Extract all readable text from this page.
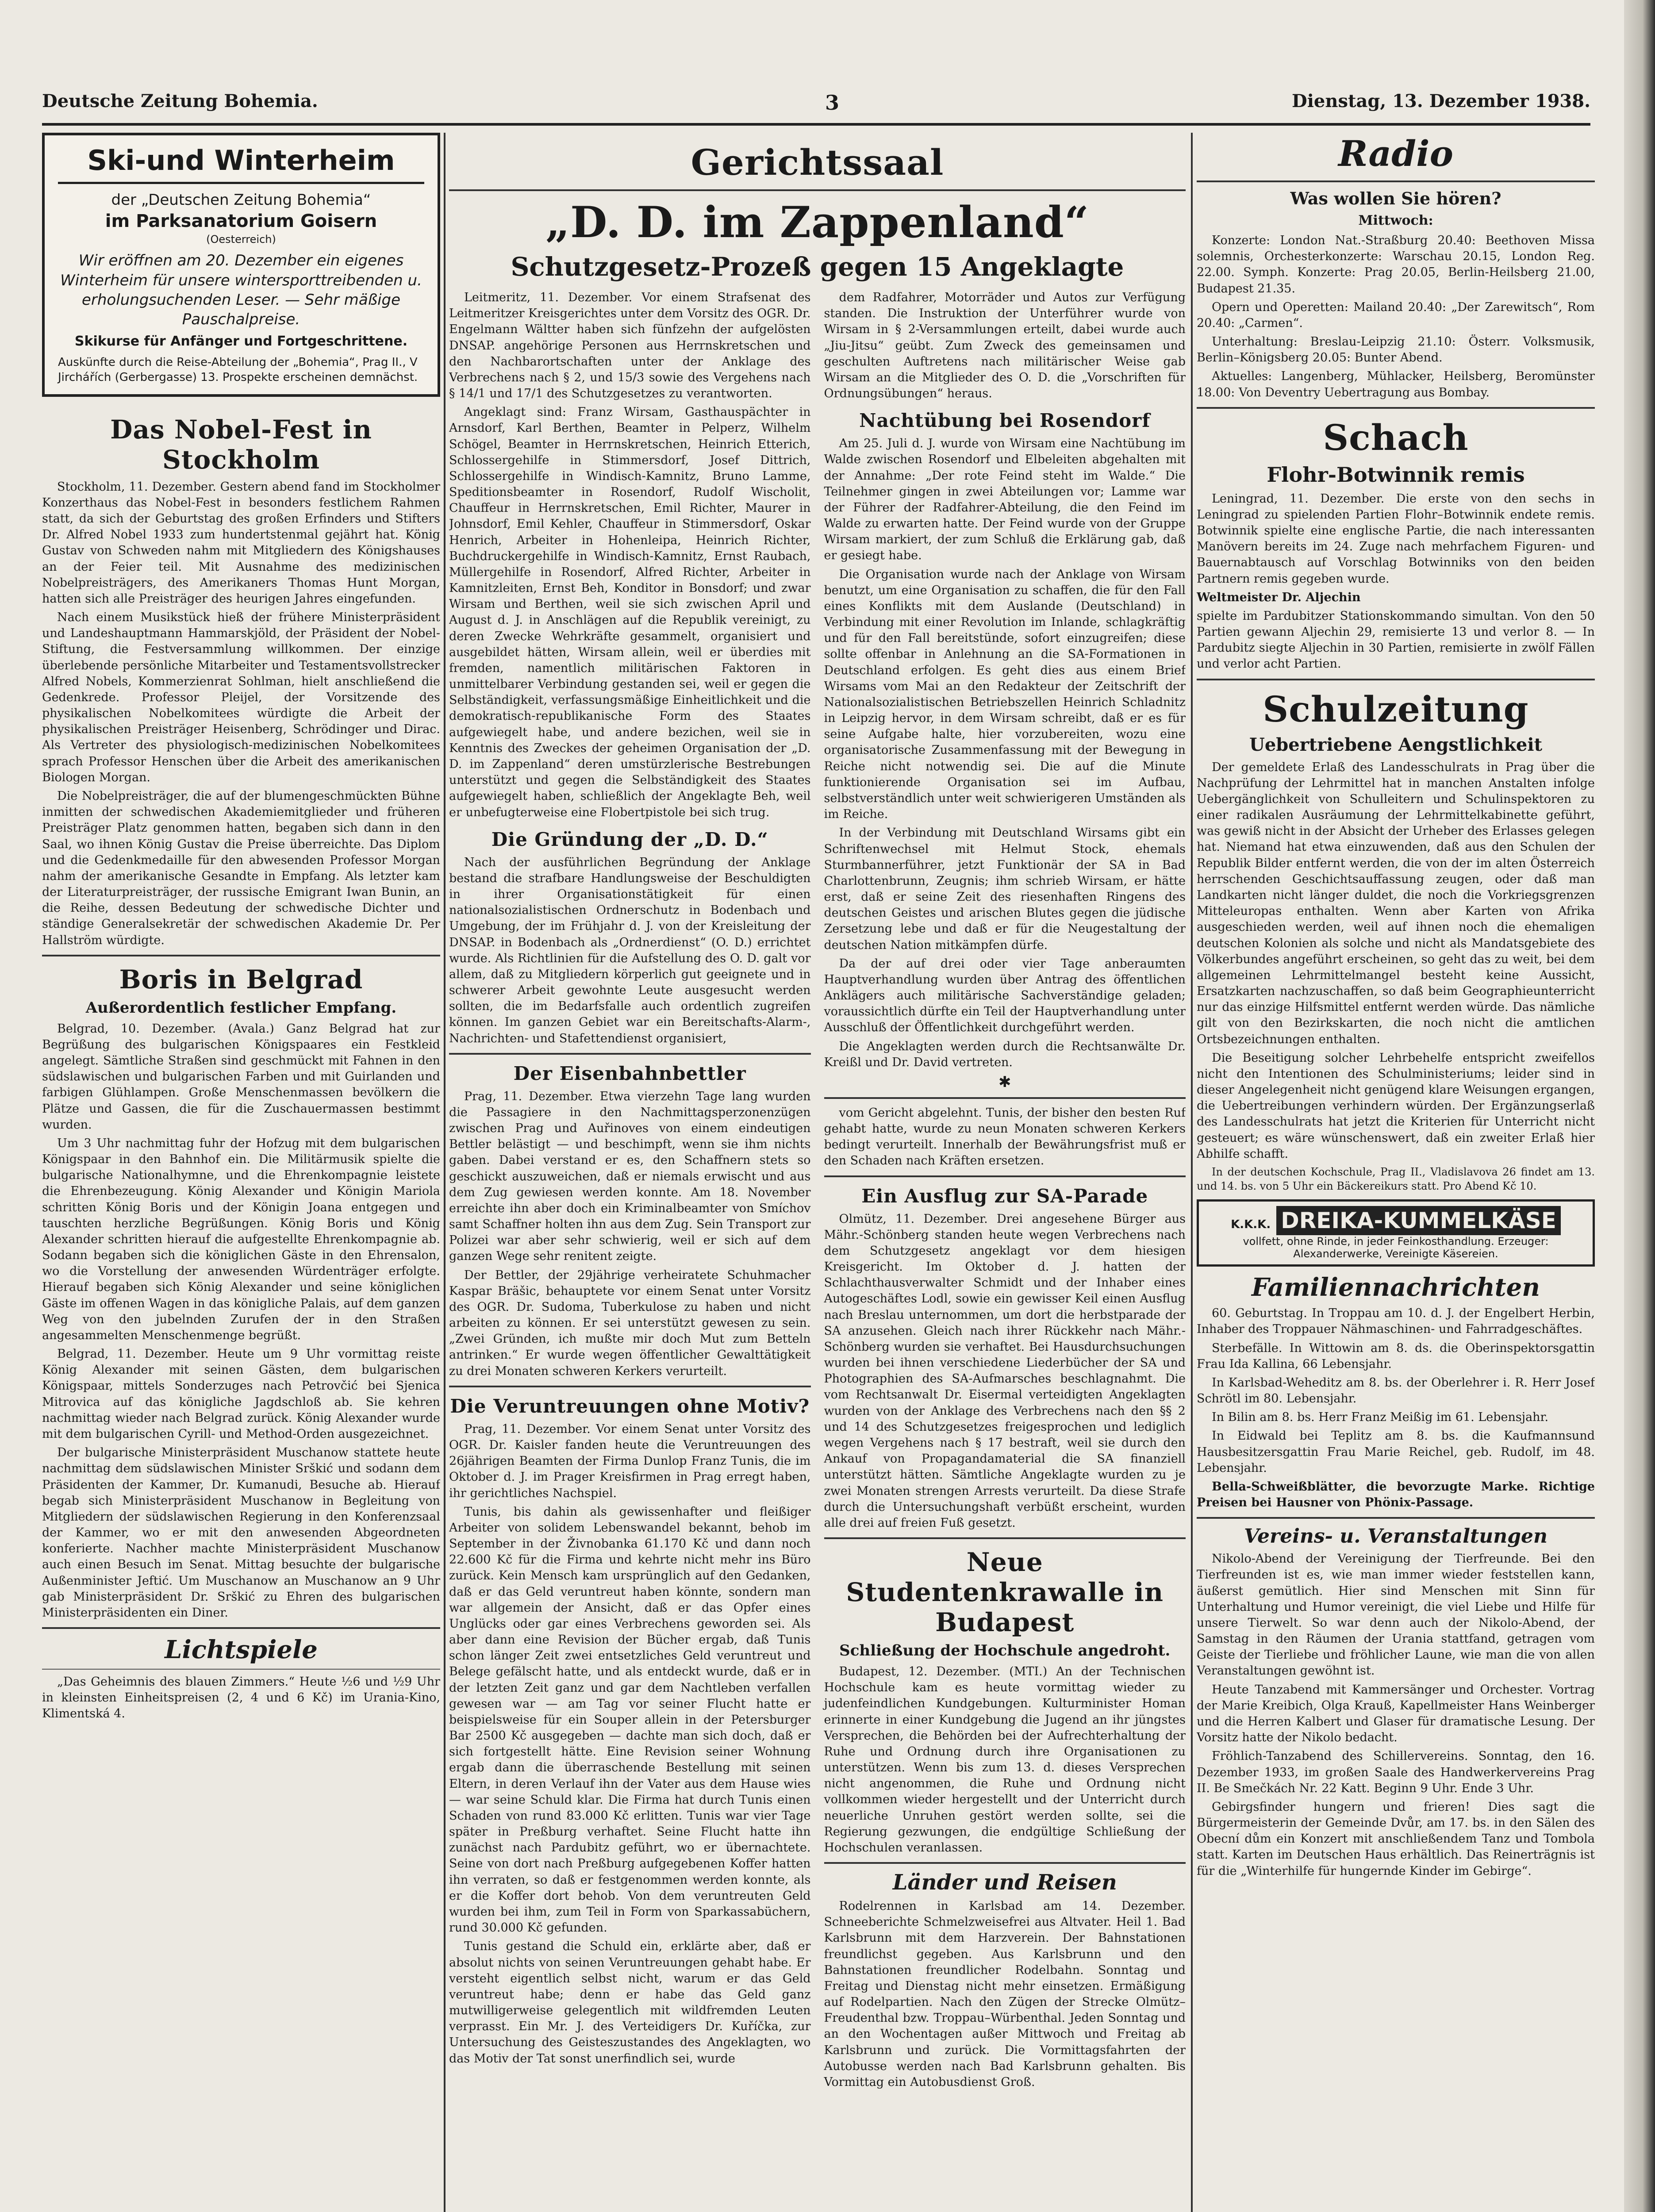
Deutsche Zeitung Bohemia.	3	Dienstag, 13. Dezember 1938.
Ski-und Winterheim
der „Deutschen Zeitung Bohemia“
im Parksanatorium Goisern
(Oesterreich)
Wir eröffnen am 20. Dezember ein eigenes Winterheim für unsere wintersporttreibenden u. erholungsuchenden Leser. — Sehr mäßige Pauschalpreise.
Skikurse für Anfänger und Fortgeschrittene.
Auskünfte durch die Reise-Abteilung der „Bohemia“, Prag II., V Jirchářích (Gerbergasse) 13. Prospekte erscheinen demnächst.
Das Nobel-Fest in Stockholm

Stockholm, 11. Dezember. Gestern abend fand im Stockholmer Konzerthaus das Nobel-Fest in besonders festlichem Rahmen statt, da sich der Geburtstag des großen Erfinders und Stifters Dr. Alfred Nobel 1933 zum hundertstenmal gejährt hat. König Gustav von Schweden nahm mit Mitgliedern des Königshauses an der Feier teil. Mit Ausnahme des medizinischen Nobelpreisträgers, des Amerikaners Thomas Hunt Morgan, hatten sich alle Preisträger des heurigen Jahres eingefunden.

Nach einem Musikstück hieß der frühere Ministerpräsident und Landeshauptmann Hammarskjöld, der Präsident der Nobel-Stiftung, die Festversammlung willkommen. Der einzige überlebende persönliche Mitarbeiter und Testamentsvollstrecker Alfred Nobels, Kommerzienrat Sohlman, hielt anschließend die Gedenkrede. Professor Pleijel, der Vorsitzende des physikalischen Nobelkomitees würdigte die Arbeit der physikalischen Preisträger Heisenberg, Schrödinger und Dirac. Als Vertreter des physiologisch-medizinischen Nobelkomitees sprach Professor Henschen über die Arbeit des amerikanischen Biologen Morgan.

Die Nobelpreisträger, die auf der blumengeschmückten Bühne inmitten der schwedischen Akademiemitglieder und früheren Preisträger Platz genommen hatten, begaben sich dann in den Saal, wo ihnen König Gustav die Preise überreichte. Das Diplom und die Gedenkmedaille für den abwesenden Professor Morgan nahm der amerikanische Gesandte in Empfang. Als letzter kam der Literaturpreisträger, der russische Emigrant Iwan Bunin, an die Reihe, dessen Bedeutung der schwedische Dichter und ständige Generalsekretär der schwedischen Akademie Dr. Per Hallström würdigte.

Boris in Belgrad
Außerordentlich festlicher Empfang.

Belgrad, 10. Dezember. (Avala.) Ganz Belgrad hat zur Begrüßung des bulgarischen Königspaares ein Festkleid angelegt. Sämtliche Straßen sind geschmückt mit Fahnen in den südslawischen und bulgarischen Farben und mit Guirlanden und farbigen Glühlampen. Große Menschenmassen bevölkern die Plätze und Gassen, die für die Zuschauermassen bestimmt wurden.

Um 3 Uhr nachmittag fuhr der Hofzug mit dem bulgarischen Königspaar in den Bahnhof ein. Die Militärmusik spielte die bulgarische Nationalhymne, und die Ehrenkompagnie leistete die Ehrenbezeugung. König Alexander und Königin Mariola schritten König Boris und der Königin Joana entgegen und tauschten herzliche Begrüßungen. König Boris und König Alexander schritten hierauf die aufgestellte Ehrenkompagnie ab. Sodann begaben sich die königlichen Gäste in den Ehrensalon, wo die Vorstellung der anwesenden Würdenträger erfolgte. Hierauf begaben sich König Alexander und seine königlichen Gäste im offenen Wagen in das königliche Palais, auf dem ganzen Weg von den jubelnden Zurufen der in den Straßen angesammelten Menschenmenge begrüßt.

Belgrad, 11. Dezember. Heute um 9 Uhr vormittag reiste König Alexander mit seinen Gästen, dem bulgarischen Königspaar, mittels Sonderzuges nach Petrovčić bei Sjenica Mitrovica auf das königliche Jagdschloß ab. Sie kehren nachmittag wieder nach Belgrad zurück. König Alexander wurde mit dem bulgarischen Cyrill- und Method-Orden ausgezeichnet.

Der bulgarische Ministerpräsident Muschanow stattete heute nachmittag dem südslawischen Minister Srškić und sodann dem Präsidenten der Kammer, Dr. Kumanudi, Besuche ab. Hierauf begab sich Ministerpräsident Muschanow in Begleitung von Mitgliedern der südslawischen Regierung in den Konferenzsaal der Kammer, wo er mit den anwesenden Abgeordneten konferierte. Nachher machte Ministerpräsident Muschanow auch einen Besuch im Senat. Mittag besuchte der bulgarische Außenminister Jeftić. Um Muschanow an Muschanow an 9 Uhr gab Ministerpräsident Dr. Srškić zu Ehren des bulgarischen Ministerpräsidenten ein Diner.

Lichtspiele

„Das Geheimnis des blauen Zimmers.“ Heute ½6 und ½9 Uhr in kleinsten Einheitspreisen (2, 4 und 6 Kč) im Urania-Kino, Klimentská 4.

Gerichtssaal
„D. D. im Zappenland“
Schutzgesetz-Prozeß gegen 15 Angeklagte

Leitmeritz, 11. Dezember. Vor einem Strafsenat des Leitmeritzer Kreisgerichtes unter dem Vorsitz des OGR. Dr. Engelmann Wältter haben sich fünfzehn der aufgelösten DNSAP. angehörige Personen aus Herrnskretschen und den Nachbarortschaften unter der Anklage des Verbrechens nach § 2, und 15/3 sowie des Vergehens nach § 14/1 und 17/1 des Schutzgesetzes zu verantworten.

Angeklagt sind: Franz Wirsam, Gasthauspächter in Arnsdorf, Karl Berthen, Beamter in Pelperz, Wilhelm Schögel, Beamter in Herrnskretschen, Heinrich Etterich, Schlossergehilfe in Stimmersdorf, Josef Dittrich, Schlossergehilfe in Windisch-Kamnitz, Bruno Lamme, Speditionsbeamter in Rosendorf, Rudolf Wischolit, Chauffeur in Herrnskretschen, Emil Richter, Maurer in Johnsdorf, Emil Kehler, Chauffeur in Stimmersdorf, Oskar Henrich, Arbeiter in Hohenleipa, Heinrich Richter, Buchdruckergehilfe in Windisch-Kamnitz, Ernst Raubach, Müllergehilfe in Rosendorf, Alfred Richter, Arbeiter in Kamnitzleiten, Ernst Beh, Konditor in Bonsdorf; und zwar Wirsam und Berthen, weil sie sich zwischen April und August d. J. in Anschlägen auf die Republik vereinigt, zu deren Zwecke Wehrkräfte gesammelt, organisiert und ausgebildet hätten, Wirsam allein, weil er überdies mit fremden, namentlich militärischen Faktoren in unmittelbarer Verbindung gestanden sei, weil er gegen die Selbständigkeit, verfassungsmäßige Einheitlichkeit und die demokratisch-republikanische Form des Staates aufgewiegelt habe, und andere bezichen, weil sie in Kenntnis des Zweckes der geheimen Organisation der „D. D. im Zappenland“ deren umstürzlerische Bestrebungen unterstützt und gegen die Selbständigkeit des Staates aufgewiegelt haben, schließlich der Angeklagte Beh, weil er unbefugterweise eine Flobertpistole bei sich trug.

Die Gründung der „D. D.“

Nach der ausführlichen Begründung der Anklage bestand die strafbare Handlungsweise der Beschuldigten in ihrer Organisationstätigkeit für einen nationalsozialistischen Ordnerschutz in Bodenbach und Umgebung, der im Frühjahr d. J. von der Kreisleitung der DNSAP. in Bodenbach als „Ordnerdienst“ (O. D.) errichtet wurde. Als Richtlinien für die Aufstellung des O. D. galt vor allem, daß zu Mitgliedern körperlich gut geeignete und in schwerer Arbeit gewohnte Leute ausgesucht werden sollten, die im Bedarfsfalle auch ordentlich zugreifen können. Im ganzen Gebiet war ein Bereitschafts-Alarm-, Nachrichten- und Stafettendienst organisiert,

Der Eisenbahnbettler

Prag, 11. Dezember. Etwa vierzehn Tage lang wurden die Passagiere in den Nachmittagsperzonenzügen zwischen Prag und Auřinoves von einem eindeutigen Bettler belästigt — und beschimpft, wenn sie ihm nichts gaben. Dabei verstand er es, den Schaffnern stets so geschickt auszuweichen, daß er niemals erwischt und aus dem Zug gewiesen werden konnte. Am 18. November erreichte ihn aber doch ein Kriminalbeamter von Smíchov samt Schaffner holten ihn aus dem Zug. Sein Transport zur Polizei war aber sehr schwierig, weil er sich auf dem ganzen Wege sehr renitent zeigte.

Der Bettler, der 29jährige verheiratete Schuhmacher Kaspar Bräšic, behauptete vor einem Senat unter Vorsitz des OGR. Dr. Sudoma, Tuberkulose zu haben und nicht arbeiten zu können. Er sei unterstützt gewesen zu sein. „Zwei Gründen, ich mußte mir doch Mut zum Betteln antrinken.“ Er wurde wegen öffentlicher Gewalttätigkeit zu drei Monaten schweren Kerkers verurteilt.

Die Veruntreuungen ohne Motiv?

Prag, 11. Dezember. Vor einem Senat unter Vorsitz des OGR. Dr. Kaisler fanden heute die Veruntreuungen des 26jährigen Beamten der Firma Dunlop Franz Tunis, die im Oktober d. J. im Prager Kreisfirmen in Prag erregt haben, ihr gerichtliches Nachspiel.

Tunis, bis dahin als gewissenhafter und fleißiger Arbeiter von solidem Lebenswandel bekannt, behob im September in der Živnobanka 61.170 Kč und dann noch 22.600 Kč für die Firma und kehrte nicht mehr ins Büro zurück. Kein Mensch kam ursprünglich auf den Gedanken, daß er das Geld veruntreut haben könnte, sondern man war allgemein der Ansicht, daß er das Opfer eines Unglücks oder gar eines Verbrechens geworden sei. Als aber dann eine Revision der Bücher ergab, daß Tunis schon länger Zeit zwei entsetzliches Geld veruntreut und Belege gefälscht hatte, und als entdeckt wurde, daß er in der letzten Zeit ganz und gar dem Nachtleben verfallen gewesen war — am Tag vor seiner Flucht hatte er beispielsweise für ein Souper allein in der Petersburger Bar 2500 Kč ausgegeben — dachte man sich doch, daß er sich fortgestellt hätte. Eine Revision seiner Wohnung ergab dann die überraschende Bestellung mit seinen Eltern, in deren Verlauf ihn der Vater aus dem Hause wies — war seine Schuld klar. Die Firma hat durch Tunis einen Schaden von rund 83.000 Kč erlitten. Tunis war vier Tage später in Preßburg verhaftet. Seine Flucht hatte ihn zunächst nach Pardubitz geführt, wo er übernachtete. Seine von dort nach Preßburg aufgegebenen Koffer hatten ihn verraten, so daß er festgenommen werden konnte, als er die Koffer dort behob. Von dem veruntreuten Geld wurden bei ihm, zum Teil in Form von Sparkassabüchern, rund 30.000 Kč gefunden.

Tunis gestand die Schuld ein, erklärte aber, daß er absolut nichts von seinen Veruntreuungen gehabt habe. Er versteht eigentlich selbst nicht, warum er das Geld veruntreut habe; denn er habe das Geld ganz mutwilligerweise gelegentlich mit wildfremden Leuten verprasst. Ein Mr. J. des Verteidigers Dr. Kuříčka, zur Untersuchung des Geisteszustandes des Angeklagten, wo das Motiv der Tat sonst unerfindlich sei, wurde

dem Radfahrer, Motorräder und Autos zur Verfügung standen. Die Instruktion der Unterführer wurde von Wirsam in § 2-Versammlungen erteilt, dabei wurde auch „Jiu-Jitsu“ geübt. Zum Zweck des gemeinsamen und geschulten Auftretens nach militärischer Weise gab Wirsam an die Mitglieder des O. D. die „Vorschriften für Ordnungsübungen“ heraus.

Nachtübung bei Rosendorf

Am 25. Juli d. J. wurde von Wirsam eine Nachtübung im Walde zwischen Rosendorf und Elbeleiten abgehalten mit der Annahme: „Der rote Feind steht im Walde.“ Die Teilnehmer gingen in zwei Abteilungen vor; Lamme war der Führer der Radfahrer-Abteilung, die den Feind im Walde zu erwarten hatte. Der Feind wurde von der Gruppe Wirsam markiert, der zum Schluß die Erklärung gab, daß er gesiegt habe.

Die Organisation wurde nach der Anklage von Wirsam benutzt, um eine Organisation zu schaffen, die für den Fall eines Konflikts mit dem Auslande (Deutschland) in Verbindung mit einer Revolution im Inlande, schlagkräftig und für den Fall bereitstünde, sofort einzugreifen; diese sollte offenbar in Anlehnung an die SA-Formationen in Deutschland erfolgen. Es geht dies aus einem Brief Wirsams vom Mai an den Redakteur der Zeitschrift der Nationalsozialistischen Betriebszellen Heinrich Schladnitz in Leipzig hervor, in dem Wirsam schreibt, daß er es für seine Aufgabe halte, hier vorzubereiten, wozu eine organisatorische Zusammenfassung mit der Bewegung in Reiche nicht notwendig sei. Die auf die Minute funktionierende Organisation sei im Aufbau, selbstverständlich unter weit schwierigeren Umständen als im Reiche.

In der Verbindung mit Deutschland Wirsams gibt ein Schriftenwechsel mit Helmut Stock, ehemals Sturmbannerführer, jetzt Funktionär der SA in Bad Charlottenbrunn, Zeugnis; ihm schrieb Wirsam, er hätte erst, daß er seine Zeit des riesenhaften Ringens des deutschen Geistes und arischen Blutes gegen die jüdische Zersetzung lebe und daß er für die Neugestaltung der deutschen Nation mitkämpfen dürfe.

Da der auf drei oder vier Tage anberaumten Hauptverhandlung wurden über Antrag des öffentlichen Anklägers auch militärische Sachverständige geladen; voraussichtlich dürfte ein Teil der Hauptverhandlung unter Ausschluß der Öffentlichkeit durchgeführt werden.

Die Angeklagten werden durch die Rechtsanwälte Dr. Kreißl und Dr. David vertreten.

✱

vom Gericht abgelehnt. Tunis, der bisher den besten Ruf gehabt hatte, wurde zu neun Monaten schweren Kerkers bedingt verurteilt. Innerhalb der Bewährungsfrist muß er den Schaden nach Kräften ersetzen.

Ein Ausflug zur SA-Parade

Olmütz, 11. Dezember. Drei angesehene Bürger aus Mähr.-Schönberg standen heute wegen Verbrechens nach dem Schutzgesetz angeklagt vor dem hiesigen Kreisgericht. Im Oktober d. J. hatten der Schlachthausverwalter Schmidt und der Inhaber eines Autogeschäftes Lodl, sowie ein gewisser Keil einen Ausflug nach Breslau unternommen, um dort die herbstparade der SA anzusehen. Gleich nach ihrer Rückkehr nach Mähr.-Schönberg wurden sie verhaftet. Bei Hausdurchsuchungen wurden bei ihnen verschiedene Liederbücher der SA und Photographien des SA-Aufmarsches beschlagnahmt. Die vom Rechtsanwalt Dr. Eisermal verteidigten Angeklagten wurden von der Anklage des Verbrechens nach den §§ 2 und 14 des Schutzgesetzes freigesprochen und lediglich wegen Vergehens nach § 17 bestraft, weil sie durch den Ankauf von Propagandamaterial die SA finanziell unterstützt hätten. Sämtliche Angeklagte wurden zu je zwei Monaten strengen Arrests verurteilt. Da diese Strafe durch die Untersuchungshaft verbüßt erscheint, wurden alle drei auf freien Fuß gesetzt.

Neue Studentenkrawalle in Budapest
Schließung der Hochschule angedroht.

Budapest, 12. Dezember. (MTI.) An der Technischen Hochschule kam es heute vormittag wieder zu judenfeindlichen Kundgebungen. Kulturminister Homan erinnerte in einer Kundgebung die Jugend an ihr jüngstes Versprechen, die Behörden bei der Aufrechterhaltung der Ruhe und Ordnung durch ihre Organisationen zu unterstützen. Wenn bis zum 13. d. dieses Versprechen nicht angenommen, die Ruhe und Ordnung nicht vollkommen wieder hergestellt und der Unterricht durch neuerliche Unruhen gestört werden sollte, sei die Regierung gezwungen, die endgültige Schließung der Hochschulen veranlassen.

Länder und Reisen

Rodelrennen in Karlsbad am 14. Dezember. Schneeberichte Schmelzweisefrei aus Altvater. Heil 1. Bad Karlsbrunn mit dem Harzverein. Der Bahnstationen freundlichst gegeben. Aus Karlsbrunn und den Bahnstationen freundlicher Rodelbahn. Sonntag und Freitag und Dienstag nicht mehr einsetzen. Ermäßigung auf Rodelpartien. Nach den Zügen der Strecke Olmütz–Freudenthal bzw. Troppau–Würbenthal. Jeden Sonntag und an den Wochentagen außer Mittwoch und Freitag ab Karlsbrunn und zurück. Die Vormittagsfahrten der Autobusse werden nach Bad Karlsbrunn gehalten. Bis Vormittag ein Autobusdienst Groß.

Radio
Was wollen Sie hören?
Mittwoch:

Konzerte: London Nat.-Straßburg 20.40: Beethoven Missa solemnis, Orchesterkonzerte: Warschau 20.15, London Reg. 22.00. Symph. Konzerte: Prag 20.05, Berlin-Heilsberg 21.00, Budapest 21.35.

Opern und Operetten: Mailand 20.40: „Der Zarewitsch“, Rom 20.40: „Carmen“.

Unterhaltung: Breslau-Leipzig 21.10: Österr. Volksmusik, Berlin–Königsberg 20.05: Bunter Abend.

Aktuelles: Langenberg, Mühlacker, Heilsberg, Beromünster 18.00: Von Deventry Uebertragung aus Bombay.

Schach
Flohr-Botwinnik remis

Leningrad, 11. Dezember. Die erste von den sechs in Leningrad zu spielenden Partien Flohr–Botwinnik endete remis. Botwinnik spielte eine englische Partie, die nach interessanten Manövern bereits im 24. Zuge nach mehrfachem Figuren- und Bauernabtausch auf Vorschlag Botwinniks von den beiden Partnern remis gegeben wurde.

Weltmeister Dr. Aljechin

spielte im Pardubitzer Stationskommando simultan. Von den 50 Partien gewann Aljechin 29, remisierte 13 und verlor 8. — In Pardubitz siegte Aljechin in 30 Partien, remisierte in zwölf Fällen und verlor acht Partien.

Schulzeitung
Uebertriebene Aengstlichkeit

Der gemeldete Erlaß des Landesschulrats in Prag über die Nachprüfung der Lehrmittel hat in manchen Anstalten infolge Uebergänglichkeit von Schulleitern und Schulinspektoren zu einer radikalen Ausräumung der Lehrmittelkabinette geführt, was gewiß nicht in der Absicht der Urheber des Erlasses gelegen hat. Niemand hat etwa einzuwenden, daß aus den Schulen der Republik Bilder entfernt werden, die von der im alten Österreich herrschenden Geschichtsauffassung zeugen, oder daß man Landkarten nicht länger duldet, die noch die Vorkriegsgrenzen Mitteleuropas enthalten. Wenn aber Karten von Afrika ausgeschieden werden, weil auf ihnen noch die ehemaligen deutschen Kolonien als solche und nicht als Mandatsgebiete des Völkerbundes angeführt erscheinen, so geht das zu weit, bei dem allgemeinen Lehrmittelmangel besteht keine Aussicht, Ersatzkarten nachzuschaffen, so daß beim Geographieunterricht nur das einzige Hilfsmittel entfernt werden würde. Das nämliche gilt von den Bezirkskarten, die noch nicht die amtlichen Ortsbezeichnungen enthalten.

Die Beseitigung solcher Lehrbehelfe entspricht zweifellos nicht den Intentionen des Schulministeriums; leider sind in dieser Angelegenheit nicht genügend klare Weisungen ergangen, die Uebertreibungen verhindern würden. Der Ergänzungserlaß des Landesschulrats hat jetzt die Kriterien für Unterricht nicht gesteuert; es wäre wünschenswert, daß ein zweiter Erlaß hier Abhilfe schafft.

In der deutschen Kochschule, Prag II., Vladislavova 26 findet am 13. und 14. bs. von 5 Uhr ein Bäckereikurs statt. Pro Abend Kč 10.

K.K.K. DREIKA-KUMMELKÄSE
vollfett, ohne Rinde, in jeder Feinkosthandlung. Erzeuger: Alexanderwerke, Vereinigte Käsereien.
Familiennachrichten

60. Geburtstag. In Troppau am 10. d. J. der Engelbert Herbin, Inhaber des Troppauer Nähmaschinen- und Fahrradgeschäftes.

Sterbefälle. In Wittowin am 8. ds. die Oberinspektorsgattin Frau Ida Kallina, 66 Lebensjahr.

In Karlsbad-Weheditz am 8. bs. der Oberlehrer i. R. Herr Josef Schrötl im 80. Lebensjahr.

In Bilin am 8. bs. Herr Franz Meißig im 61. Lebensjahr.

In Eidwald bei Teplitz am 8. bs. die Kaufmannsund Hausbesitzersgattin Frau Marie Reichel, geb. Rudolf, im 48. Lebensjahr.

Bella-Schweißblätter, die bevorzugte Marke. Richtige Preisen bei Hausner von Phönix-Passage.

Vereins- u. Veranstaltungen

Nikolo-Abend der Vereinigung der Tierfreunde. Bei den Tierfreunden ist es, wie man immer wieder feststellen kann, äußerst gemütlich. Hier sind Menschen mit Sinn für Unterhaltung und Humor vereinigt, die viel Liebe und Hilfe für unsere Tierwelt. So war denn auch der Nikolo-Abend, der Samstag in den Räumen der Urania stattfand, getragen vom Geiste der Tierliebe und fröhlicher Laune, wie man die von allen Veranstaltungen gewöhnt ist.

Heute Tanzabend mit Kammersänger und Orchester. Vortrag der Marie Kreibich, Olga Krauß, Kapellmeister Hans Weinberger und die Herren Kalbert und Glaser für dramatische Lesung. Der Vorsitz hatte der Nikolo bedacht.

Fröhlich-Tanzabend des Schillervereins. Sonntag, den 16. Dezember 1933, im großen Saale des Handwerkervereins Prag II. Be Smečkách Nr. 22 Katt. Beginn 9 Uhr. Ende 3 Uhr.

Gebirgsfinder hungern und frieren! Dies sagt die Bürgermeisterin der Gemeinde Dvůr, am 17. bs. in den Sälen des Obecní dům ein Konzert mit anschließendem Tanz und Tombola statt. Karten im Deutschen Haus erhältlich. Das Reinerträgnis ist für die „Winterhilfe für hungernde Kinder im Gebirge“.
